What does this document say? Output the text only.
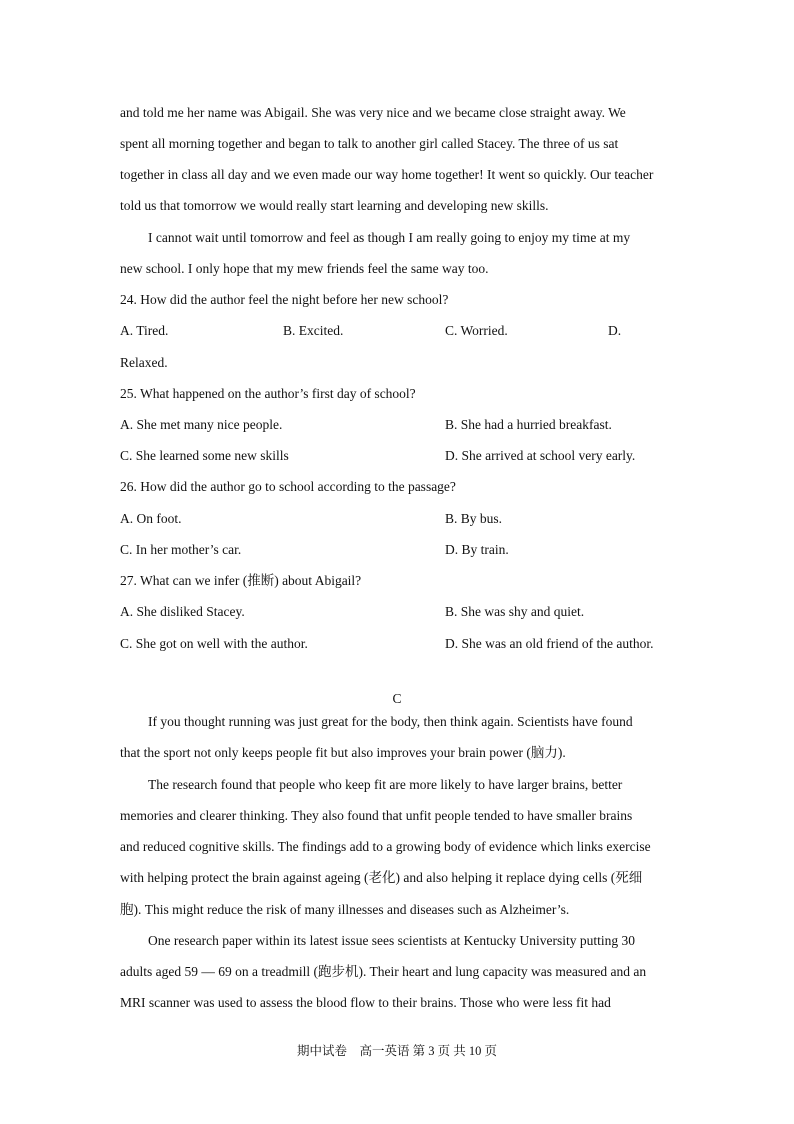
and told me her name was Abigail. She was very nice and we became close straight away. We
spent all morning together and began to talk to another girl called Stacey. The three of us sat
together in class all day and we even made our way home together! It went so quickly. Our teacher
told us that tomorrow we would really start learning and developing new skills.
I cannot wait until tomorrow and feel as though I am really going to enjoy my time at my
new school. I only hope that my mew friends feel the same way too.
24. How did the author feel the night before her new school?
A. Tired.	B. Excited.	C. Worried.	D.
Relaxed.
25. What happened on the author’s first day of school?
A. She met many nice people.	B. She had a hurried breakfast.
C. She learned some new skills	D. She arrived at school very early.
26. How did the author go to school according to the passage?
A. On foot.	B. By bus.
C. In her mother’s car.	D. By train.
27. What can we infer (推断) about Abigail?
A. She disliked Stacey.	B. She was shy and quiet.
C. She got on well with the author.	D. She was an old friend of the author.
C
If you thought running was just great for the body, then think again. Scientists have found
that the sport not only keeps people fit but also improves your brain power (脑力).
The research found that people who keep fit are more likely to have larger brains, better
memories and clearer thinking. They also found that unfit people tended to have smaller brains
and reduced cognitive skills. The findings add to a growing body of evidence which links exercise
with helping protect the brain against ageing (老化) and also helping it replace dying cells (死细
胞). This might reduce the risk of many illnesses and diseases such as Alzheimer’s.
One research paper within its latest issue sees scientists at Kentucky University putting 30
adults aged 59 — 69 on a treadmill (跑步机). Their heart and lung capacity was measured and an
MRI scanner was used to assess the blood flow to their brains. Those who were less fit had
期中试卷　高一英语 第 3 页 共 10 页
